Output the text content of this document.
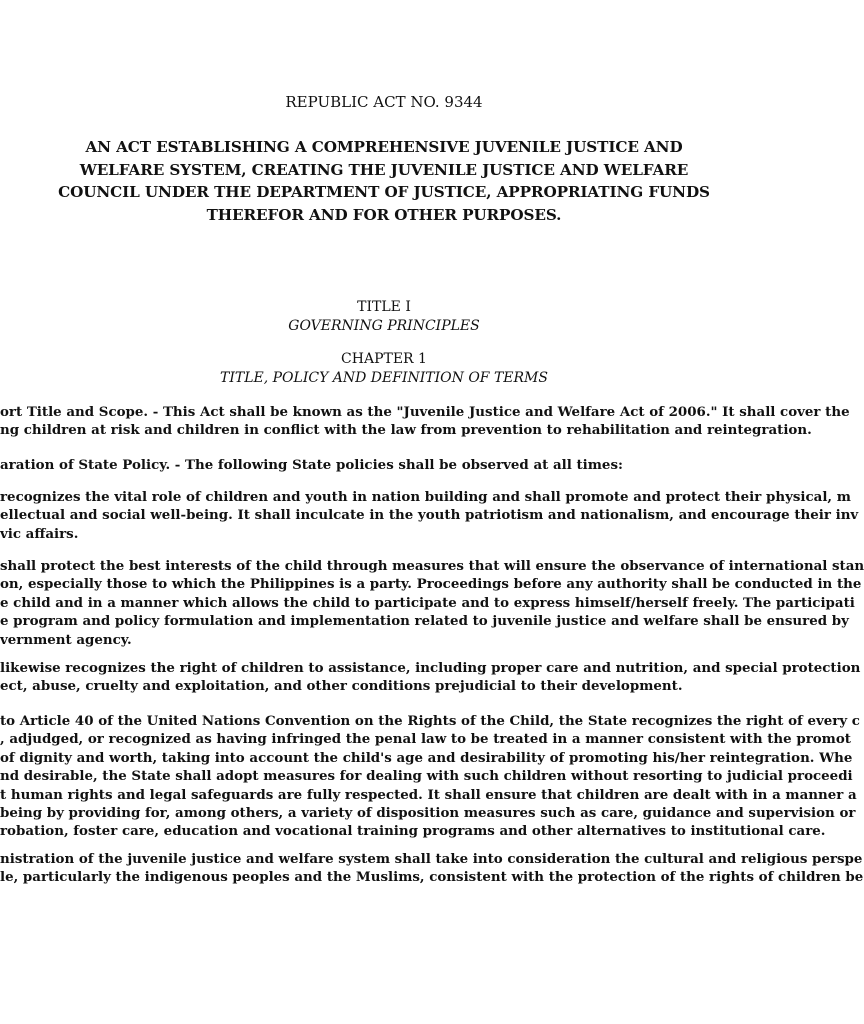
REPUBLIC ACT NO. 9344

AN ACT ESTABLISHING A COMPREHENSIVE JUVENILE JUSTICE AND
WELFARE SYSTEM, CREATING THE JUVENILE JUSTICE AND WELFARE
COUNCIL UNDER THE DEPARTMENT OF JUSTICE, APPROPRIATING FUNDS
THEREFOR AND FOR OTHER PURPOSES.

TITLE I

GOVERNING PRINCIPLES

CHAPTER 1

TITLE, POLICY AND DEFINITION OF TERMS

ort Title and Scope. - This Act shall be known as the "Juvenile Justice and Welfare Act of 2006." It shall cover the
ng children at risk and children in conflict with the law from prevention to rehabilitation and reintegration.
aration of State Policy. - The following State policies shall be observed at all times:
recognizes the vital role of children and youth in nation building and shall promote and protect their physical, m
ellectual and social well-being. It shall inculcate in the youth patriotism and nationalism, and encourage their inv
vic affairs.
shall protect the best interests of the child through measures that will ensure the observance of international stan
on, especially those to which the Philippines is a party. Proceedings before any authority shall be conducted in the
e child and in a manner which allows the child to participate and to express himself/herself freely. The participati
e program and policy formulation and implementation related to juvenile justice and welfare shall be ensured by
vernment agency.
likewise recognizes the right of children to assistance, including proper care and nutrition, and special protection
ect, abuse, cruelty and exploitation, and other conditions prejudicial to their development.
to Article 40 of the United Nations Convention on the Rights of the Child, the State recognizes the right of every c
, adjudged, or recognized as having infringed the penal law to be treated in a manner consistent with the promot
of dignity and worth, taking into account the child's age and desirability of promoting his/her reintegration. Whe
nd desirable, the State shall adopt measures for dealing with such children without resorting to judicial proceedi
t human rights and legal safeguards are fully respected. It shall ensure that children are dealt with in a manner a
being by providing for, among others, a variety of disposition measures such as care, guidance and supervision or
robation, foster care, education and vocational training programs and other alternatives to institutional care.
nistration of the juvenile justice and welfare system shall take into consideration the cultural and religious perspe
le, particularly the indigenous peoples and the Muslims, consistent with the protection of the rights of children be
